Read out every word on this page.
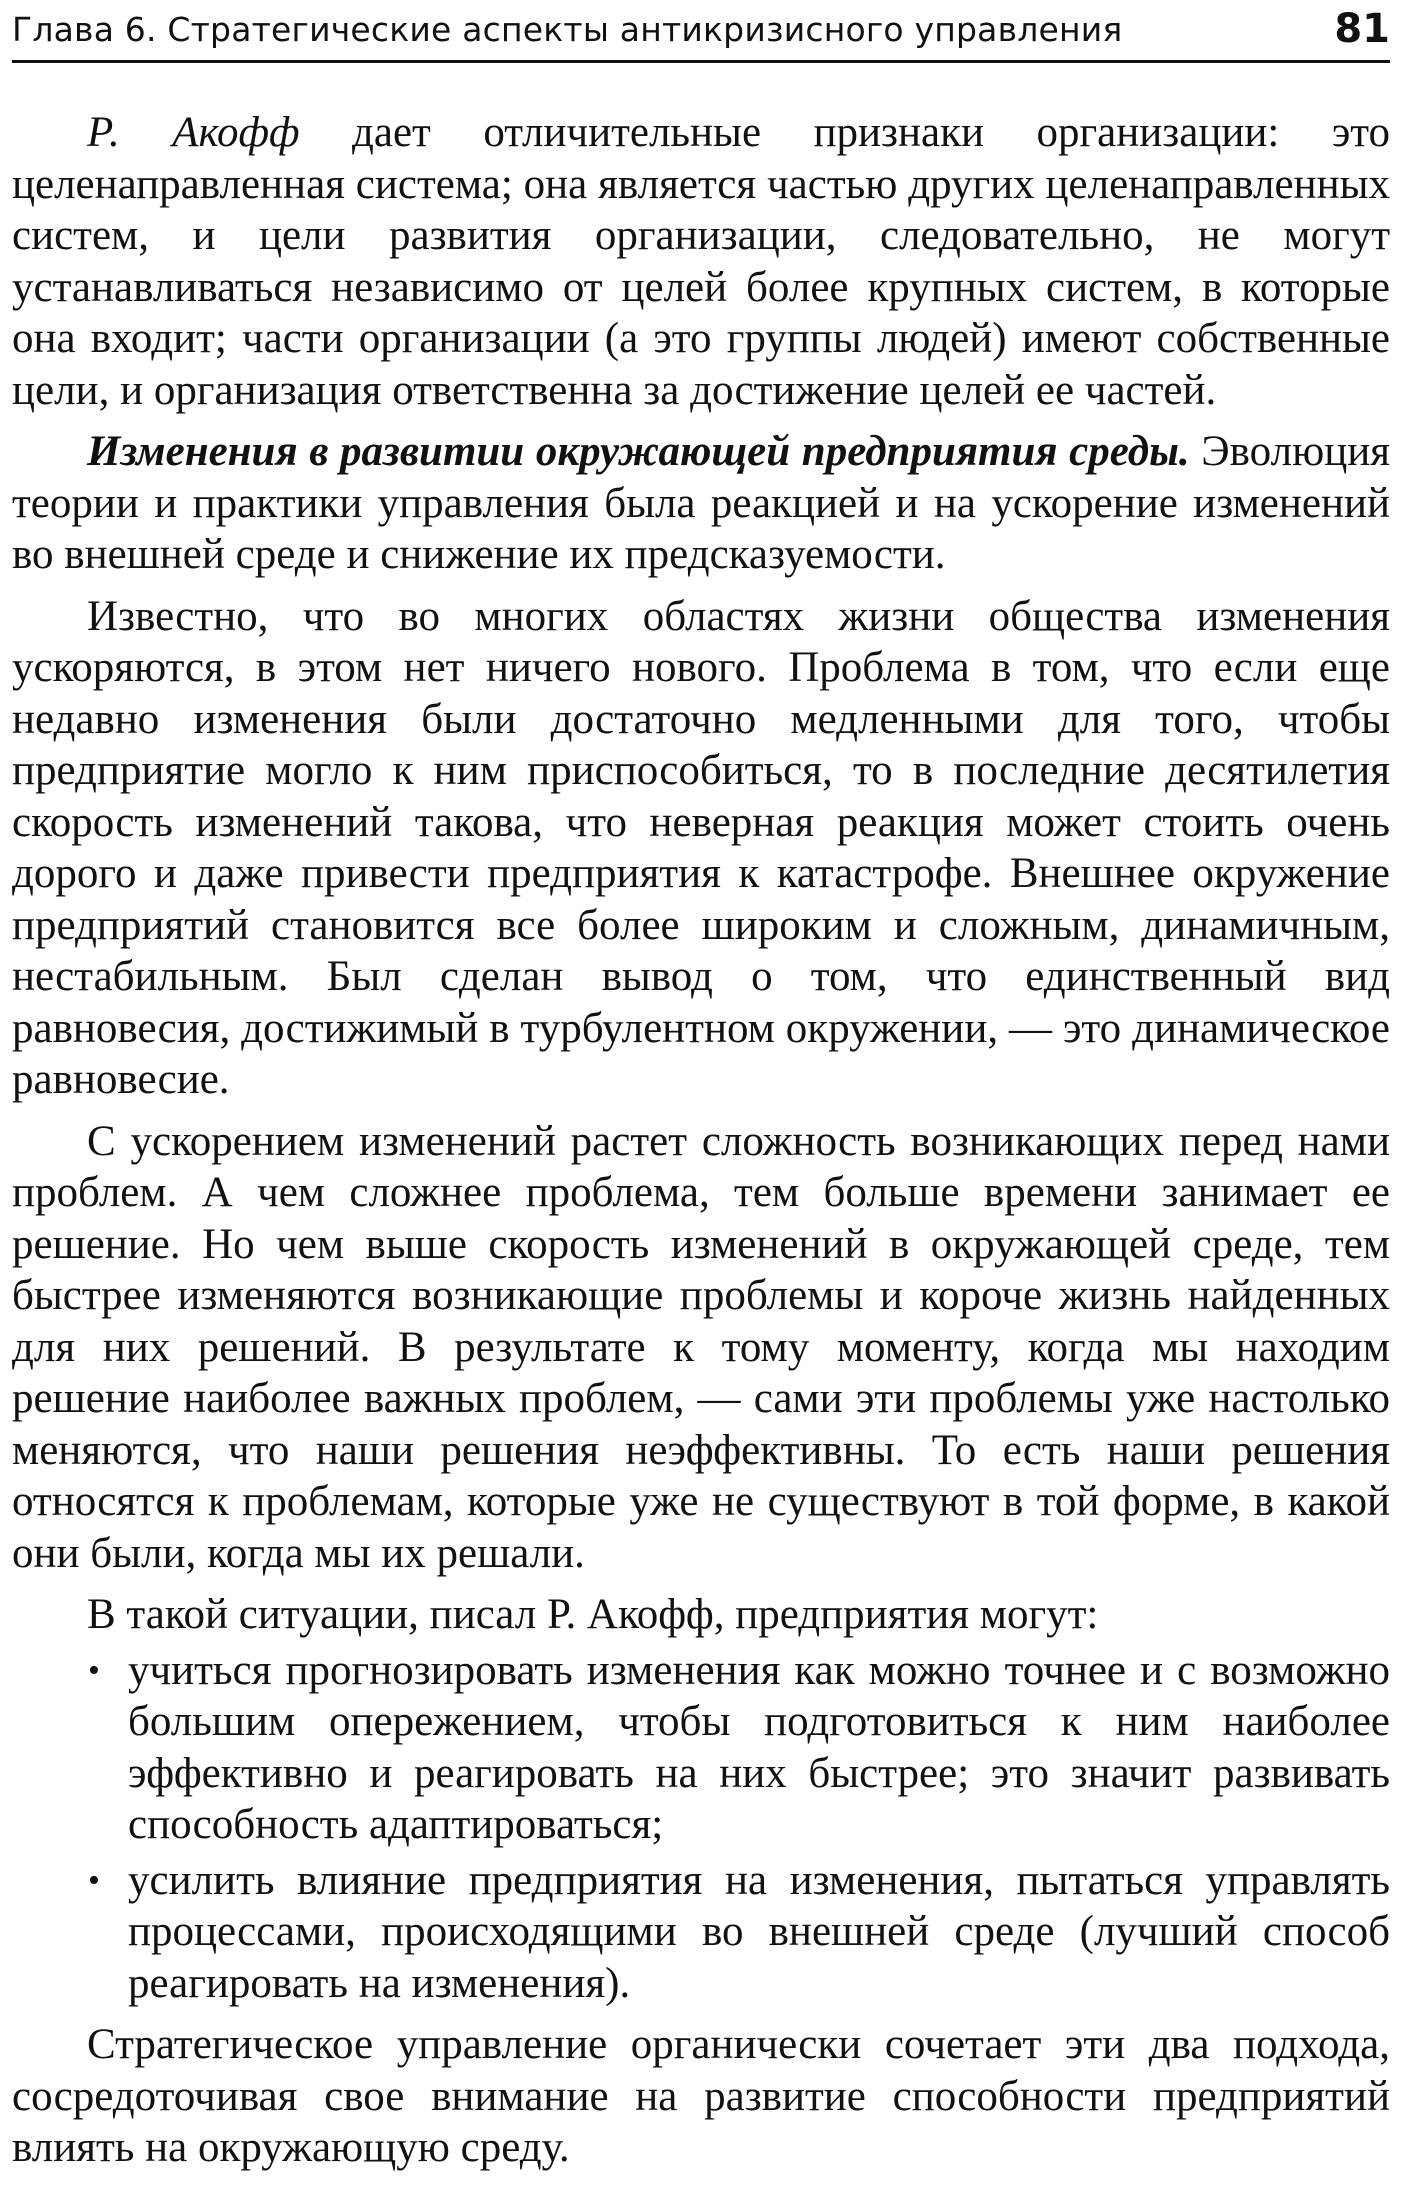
Глава 6. Стратегические аспекты антикризисного управления	81

Р. Акофф дает отличительные признаки организации: это целенаправленная система; она является частью других целенаправленных систем, и цели развития организации, следовательно, не могут устанавливаться независимо от целей более крупных систем, в которые она входит; части организации (а это группы людей) имеют собственные цели, и организация ответственна за достижение целей ее частей.

Изменения в развитии окружающей предприятия среды. Эволюция теории и практики управления была реакцией и на ускорение изменений во внешней среде и снижение их предсказуемости.

Известно, что во многих областях жизни общества изменения ускоряются, в этом нет ничего нового. Проблема в том, что если еще недавно изменения были достаточно медленными для того, чтобы предприятие могло к ним приспособиться, то в последние десятилетия скорость изменений такова, что неверная реакция может стоить очень дорого и даже привести предприятия к катастрофе. Внешнее окружение предприятий становится все более широким и сложным, динамичным, нестабильным. Был сделан вывод о том, что единственный вид равновесия, достижимый в турбулентном окружении, — это динамическое равновесие.

С ускорением изменений растет сложность возникающих перед нами проблем. А чем сложнее проблема, тем больше времени занимает ее решение. Но чем выше скорость изменений в окружающей среде, тем быстрее изменяются возникающие проблемы и короче жизнь найденных для них решений. В результате к тому моменту, когда мы находим решение наиболее важных проблем, — сами эти проблемы уже настолько меняются, что наши решения неэффективны. То есть наши решения относятся к проблемам, которые уже не существуют в той форме, в какой они были, когда мы их решали.

В такой ситуации, писал Р. Акофф, предприятия могут:

• учиться прогнозировать изменения как можно точнее и с возможно большим опережением, чтобы подготовиться к ним наиболее эффективно и реагировать на них быстрее; это значит развивать способность адаптироваться;
• усилить влияние предприятия на изменения, пытаться управлять процессами, происходящими во внешней среде (лучший способ реагировать на изменения).

Стратегическое управление органически сочетает эти два подхода, сосредоточивая свое внимание на развитие способности предприятий влиять на окружающую среду.
